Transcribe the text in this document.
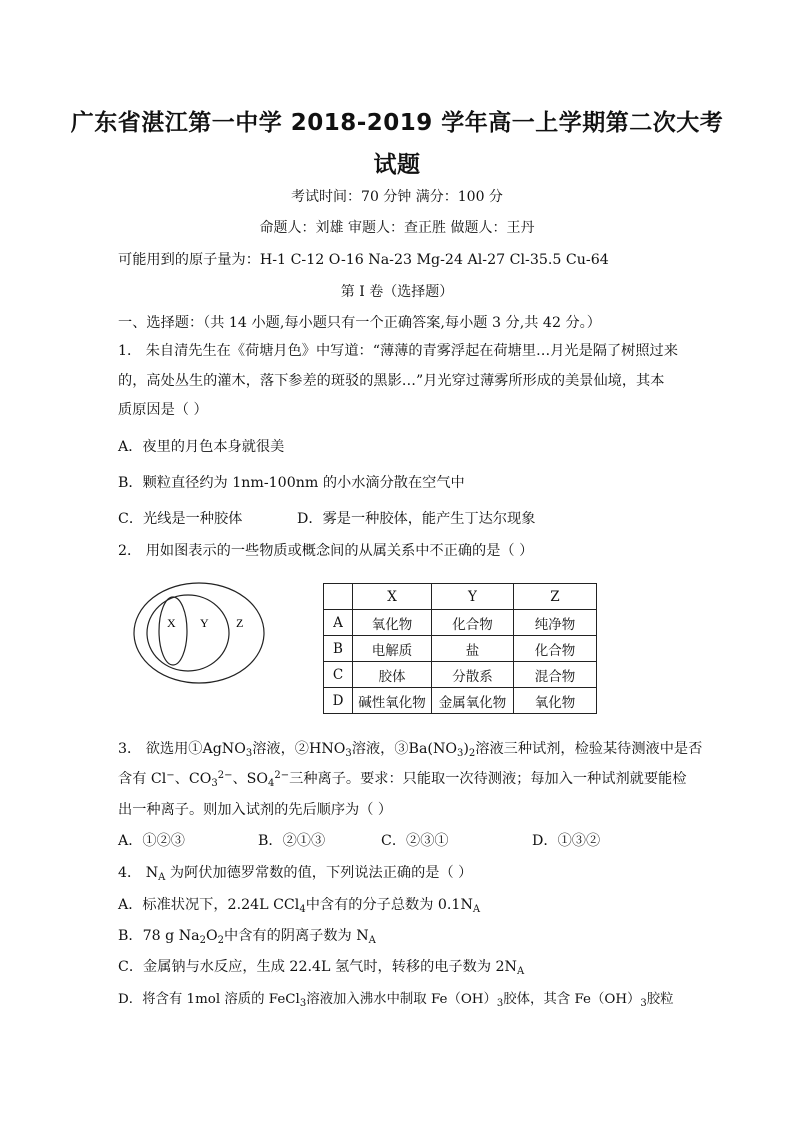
广东省湛江第一中学 2018-2019 学年高一上学期第二次大考
试题
考试时间：70 分钟 满分：100 分
命题人：刘雄 审题人：查正胜 做题人：王丹
可能用到的原子量为：H-1 C-12 O-16 Na-23 Mg-24 Al-27 Cl-35.5 Cu-64
第 I 卷（选择题）
一、选择题：（共 14 小题,每小题只有一个正确答案,每小题 3 分,共 42 分。）
1． 朱自清先生在《荷塘月色》中写道：“薄薄的青雾浮起在荷塘里…月光是隔了树照过来的，高处丛生的灌木，落下参差的斑驳的黑影…”月光穿过薄雾所形成的美景仙境，其本质原因是（ ）
A．夜里的月色本身就很美
B．颗粒直径约为 1nm-100nm 的小水滴分散在空气中
C．光线是一种胶体	D．雾是一种胶体，能产生丁达尔现象
2． 用如图表示的一些物质或概念间的从属关系中不正确的是（ ）
X Y Z
	X	Y	Z
A	氧化物	化合物	纯净物
B	电解质	盐	化合物
C	胶体	分散系	混合物
D	碱性氧化物	金属氧化物	氧化物
3． 欲选用①AgNO$_3$溶液，$②HNO_3$溶液，$③Ba(NO_3)_2$溶液三种试剂，检验某待测液中是否
含有 Cl−、$CO_3^{2-}$、$SO_4^{2-}$三种离子。要求：只能取一次待测液；每加入一种试剂就要能检
出一种离子。则加入试剂的先后顺序为（ ）
A．①②③	B．②①③	C．②③①	D．①③②
4． $N_A$ 为阿伏加德罗常数的值，下列说法正确的是（ ）
A．标准状况下，2.24L CCl$_4$中含有的分子总数为 $0.1N_A$
B．78 g $Na_2O_2$中含有的阴离子数为 $N_A$
C．金属钠与水反应，生成 22.4L 氢气时，转移的电子数为 $2N_A$
D．将含有 1mol 溶质的 FeCl$_3$溶液加入沸水中制取 $Fe(OH)_3$胶体，其含 $Fe(OH)_3$胶粒
